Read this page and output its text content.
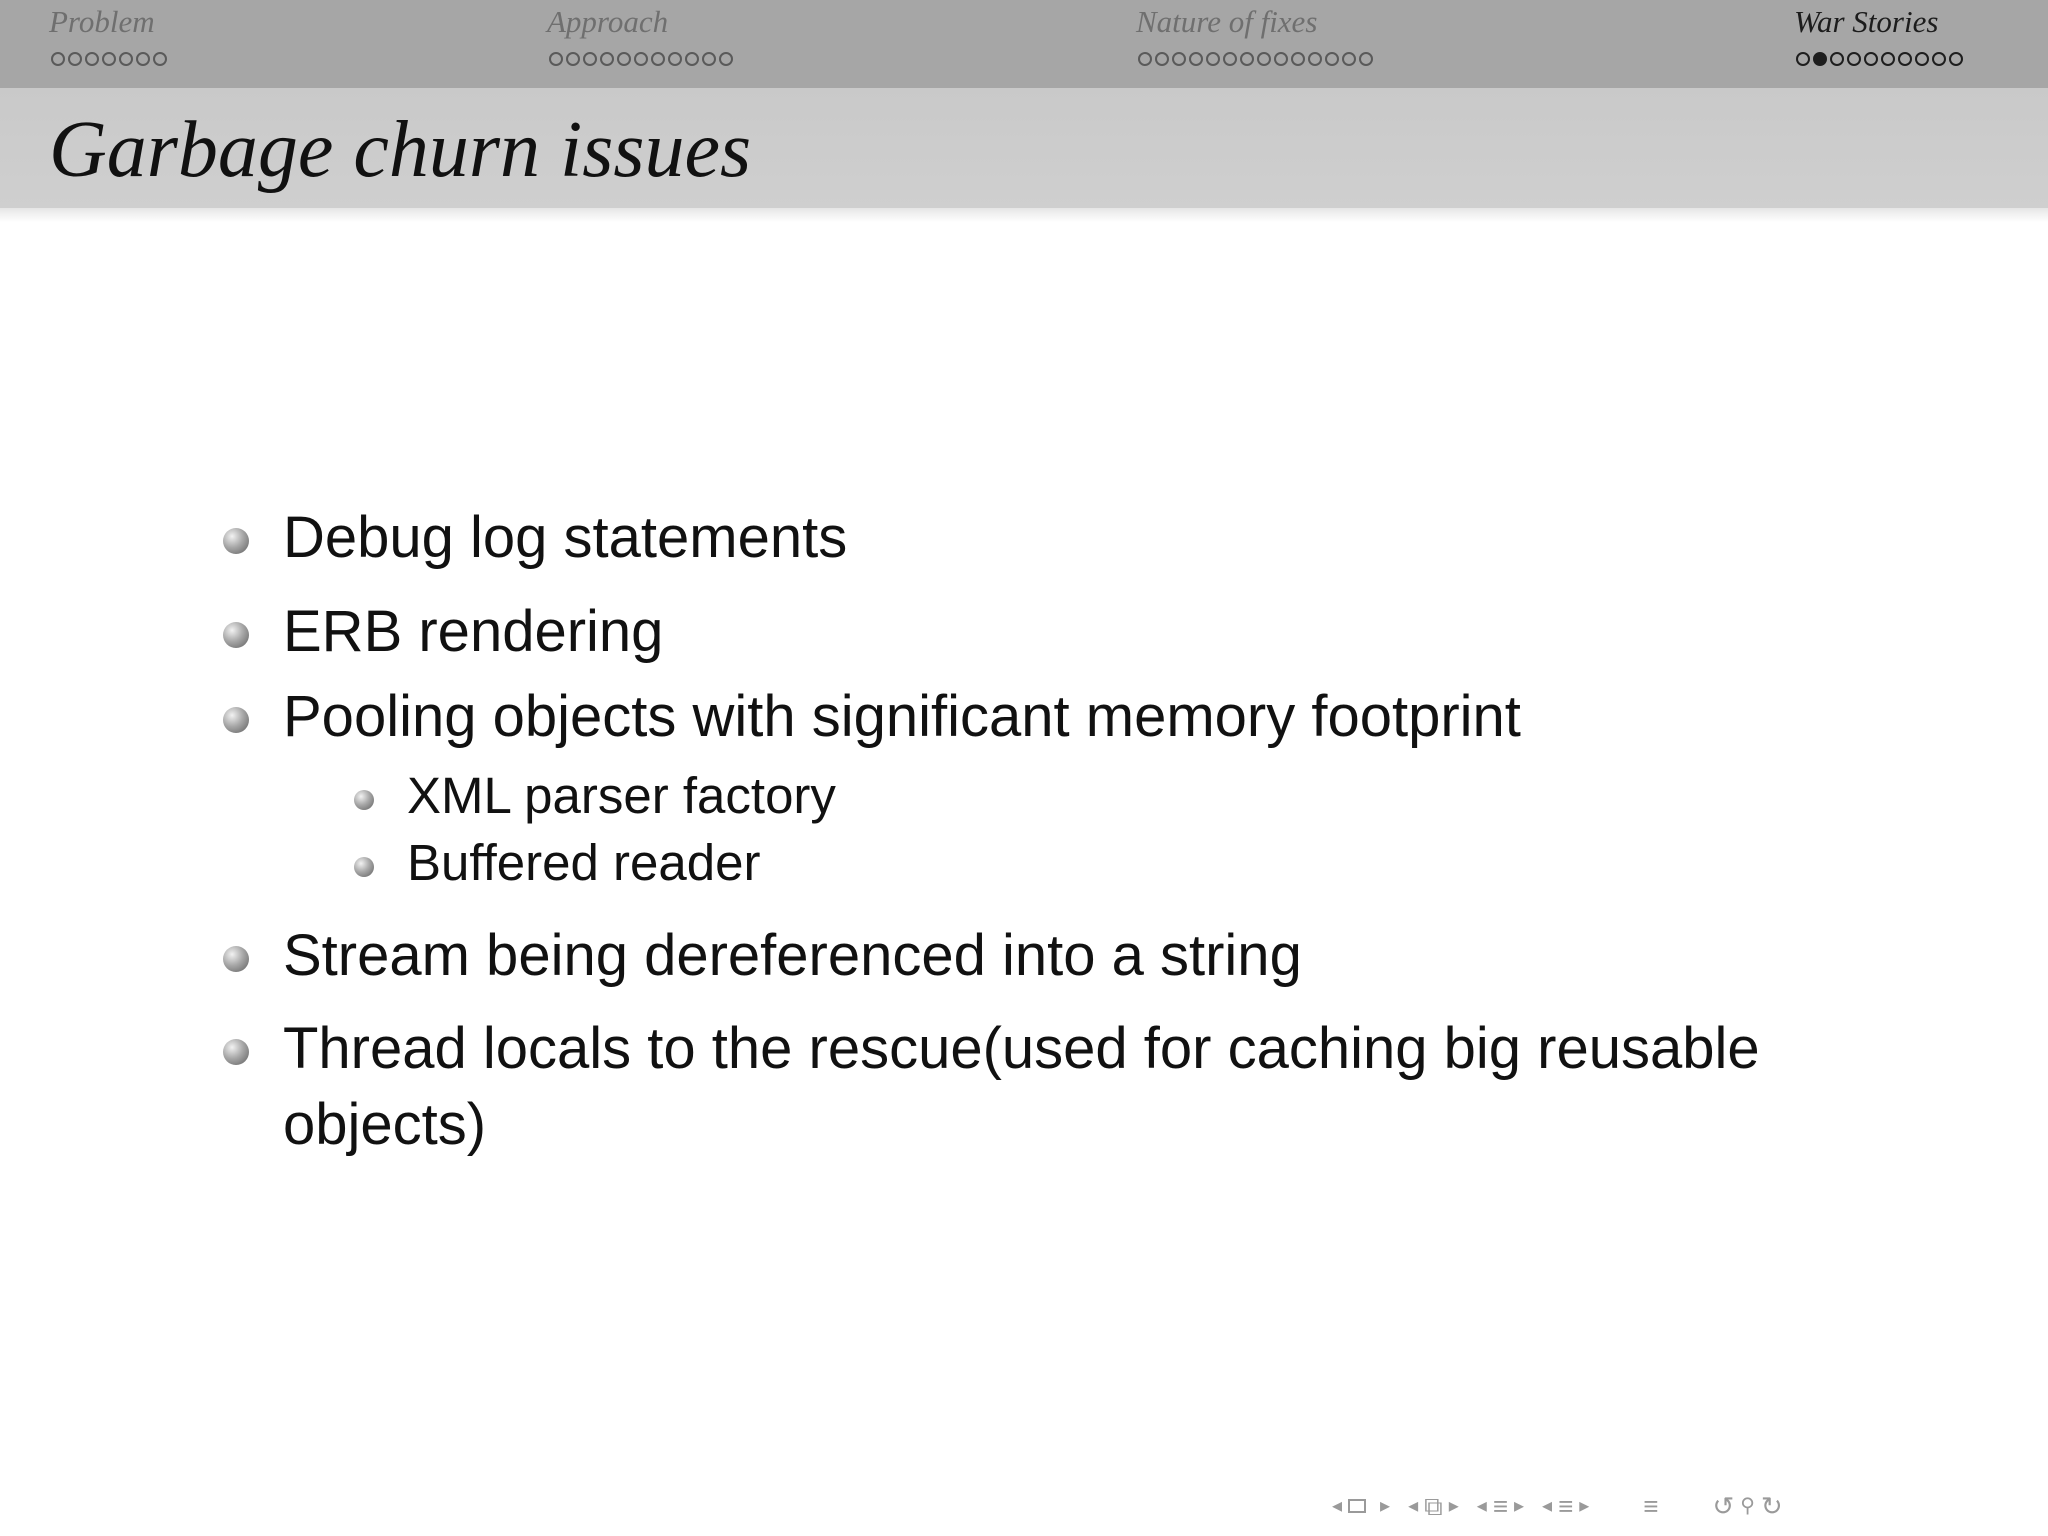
Problem	Approach	Nature of fixes	War Stories
Garbage churn issues
Debug log statements
ERB rendering
Pooling objects with significant memory footprint
XML parser factory
Buffered reader
Stream being dereferenced into a string
Thread locals to the rescue(used for caching big reusable
objects)
◂ ▸ ◂ ⧉ ▸ ◂ ≡ ▸ ◂ ≡ ▸ ≡ ↺ ⚲ ↻
